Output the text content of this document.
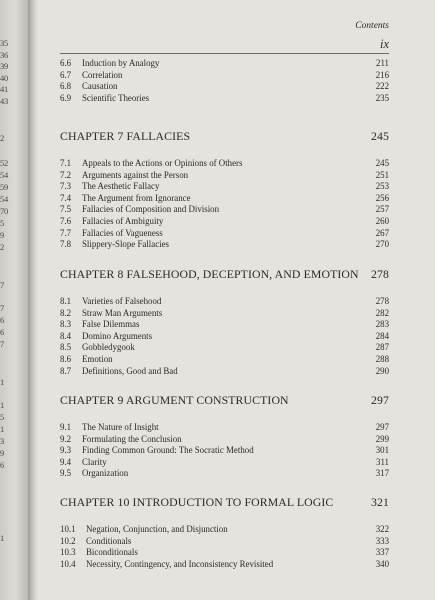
35
36
39
40
41
43
2
52
54
59
54
70
5
9
2
7
7
6
6
7
1
1
5
1
3
9
6
1
Contents
ix
6.6 Induction by Analogy	211
6.7 Correlation	216
6.8 Causation	222
6.9 Scientific Theories	235
CHAPTER 7 FALLACIES	245
7.1 Appeals to the Actions or Opinions of Others	245
7.2 Arguments against the Person	251
7.3 The Aesthetic Fallacy	253
7.4 The Argument from Ignorance	256
7.5 Fallacies of Composition and Division	257
7.6 Fallacies of Ambiguity	260
7.7 Fallacies of Vagueness	267
7.8 Slippery-Slope Fallacies	270
CHAPTER 8 FALSEHOOD, DECEPTION, AND EMOTION 278
8.1 Varieties of Falsehood	278
8.2 Straw Man Arguments	282
8.3 False Dilemmas	283
8.4 Domino Arguments	284
8.5 Gobbledygook	287
8.6 Emotion	288
8.7 Definitions, Good and Bad	290
CHAPTER 9 ARGUMENT CONSTRUCTION	297
9.1 The Nature of Insight	297
9.2 Formulating the Conclusion	299
9.3 Finding Common Ground: The Socratic Method	301
9.4 Clarity	311
9.5 Organization	317
CHAPTER 10 INTRODUCTION TO FORMAL LOGIC	321
10.1 Negation, Conjunction, and Disjunction	322
10.2 Conditionals	333
10.3 Biconditionals	337
10.4 Necessity, Contingency, and Inconsistency Revisited	340
